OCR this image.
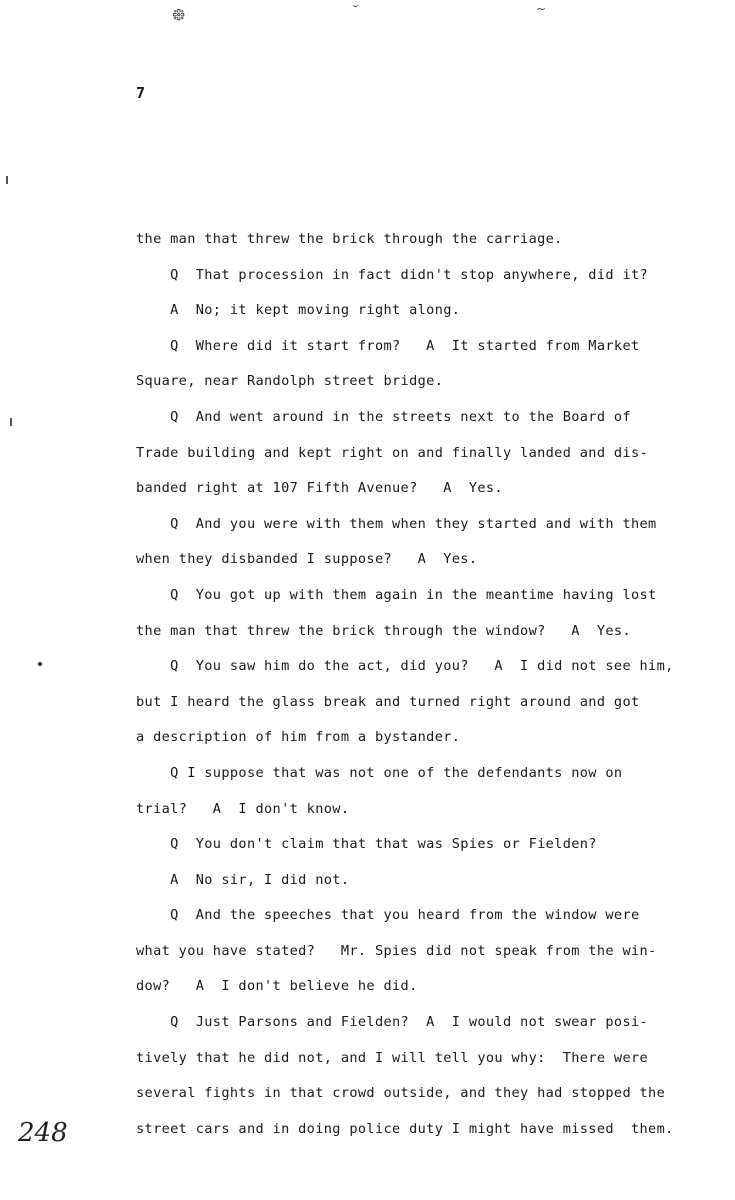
᪥	˘	~
7
the man that threw the brick through the carriage.
Q  That procession in fact didn't stop anywhere, did it?
A  No; it kept moving right along.
Q  Where did it start from?   A  It started from Market
Square, near Randolph street bridge.
Q  And went around in the streets next to the Board of
Trade building and kept right on and finally landed and dis-
banded right at 107 Fifth Avenue?   A  Yes.
Q  And you were with them when they started and with them
when they disbanded I suppose?   A  Yes.
Q  You got up with them again in the meantime having lost
the man that threw the brick through the window?   A  Yes.
Q  You saw him do the act, did you?   A  I did not see him,
but I heard the glass break and turned right around and got
a description of him from a bystander.
Q I suppose that was not one of the defendants now on
trial?   A  I don't know.
Q  You don't claim that that was Spies or Fielden?
A  No sir, I did not.
Q  And the speeches that you heard from the window were
what you have stated?   Mr. Spies did not speak from the win-
dow?   A  I don't believe he did.
Q  Just Parsons and Fielden?  A  I would not swear posi-
tively that he did not, and I will tell you why:  There were
several fights in that crowd outside, and they had stopped the
street cars and in doing police duty I might have missed  them.
248
